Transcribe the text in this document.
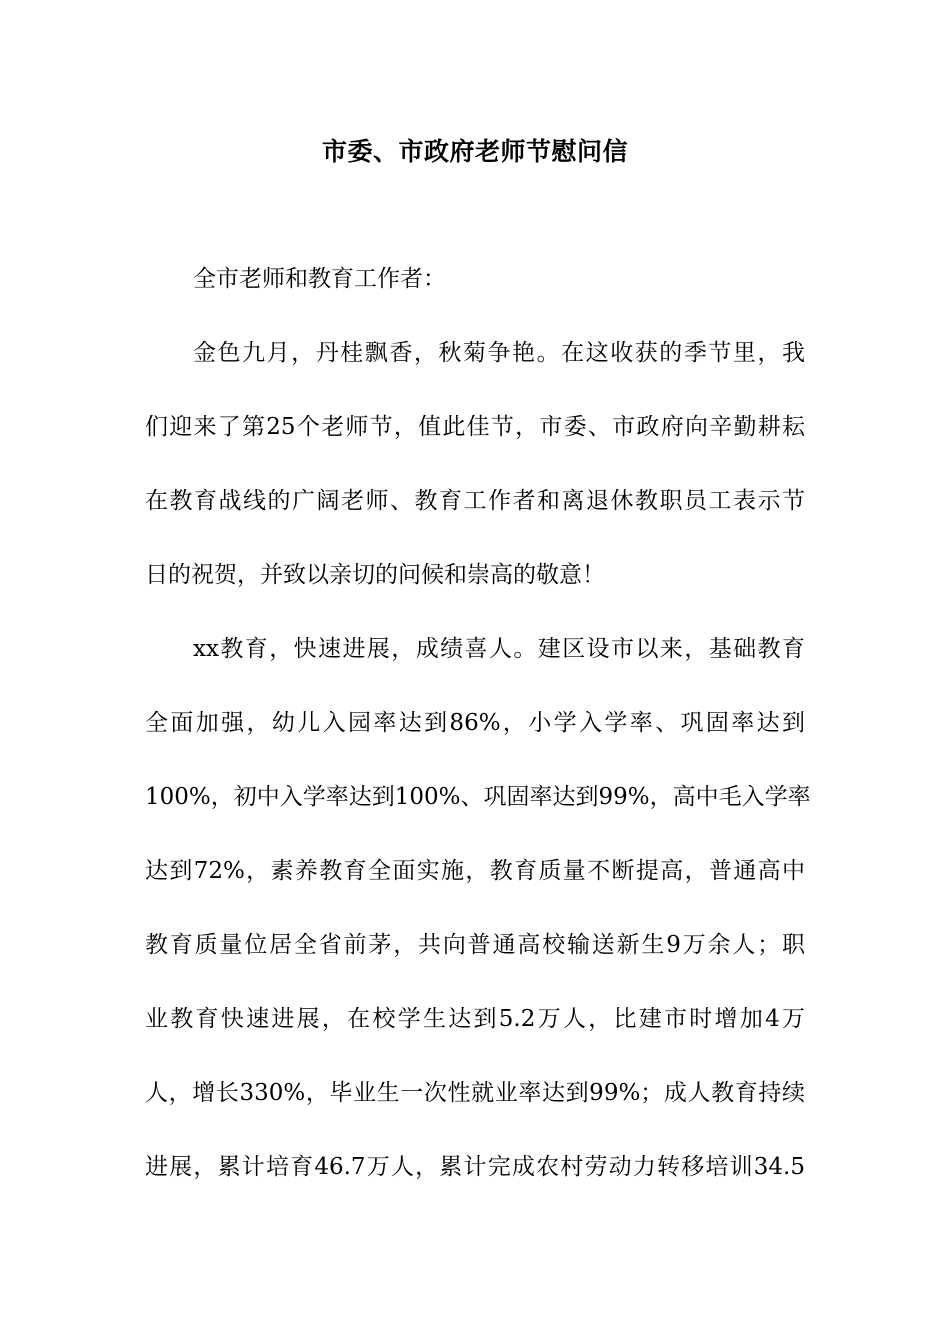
市委、市政府老师节慰问信

全市老师和教育工作者：

金色九月，丹桂飘香，秋菊争艳。在这收获的季节里，我
们迎来了第25个老师节，值此佳节，市委、市政府向辛勤耕耘
在教育战线的广阔老师、教育工作者和离退休教职员工表示节
日的祝贺，并致以亲切的问候和崇高的敬意！
xx教育，快速进展，成绩喜人。建区设市以来，基础教育
全面加强，幼儿入园率达到86%，小学入学率、巩固率达到
100%，初中入学率达到100%、巩固率达到99%，高中毛入学率
达到72%，素养教育全面实施，教育质量不断提高，普通高中
教育质量位居全省前茅，共向普通高校输送新生9万余人；职
业教育快速进展，在校学生达到5.2万人，比建市时增加4万
人，增长330%，毕业生一次性就业率达到99%；成人教育持续
进展，累计培育46.7万人，累计完成农村劳动力转移培训34.5
